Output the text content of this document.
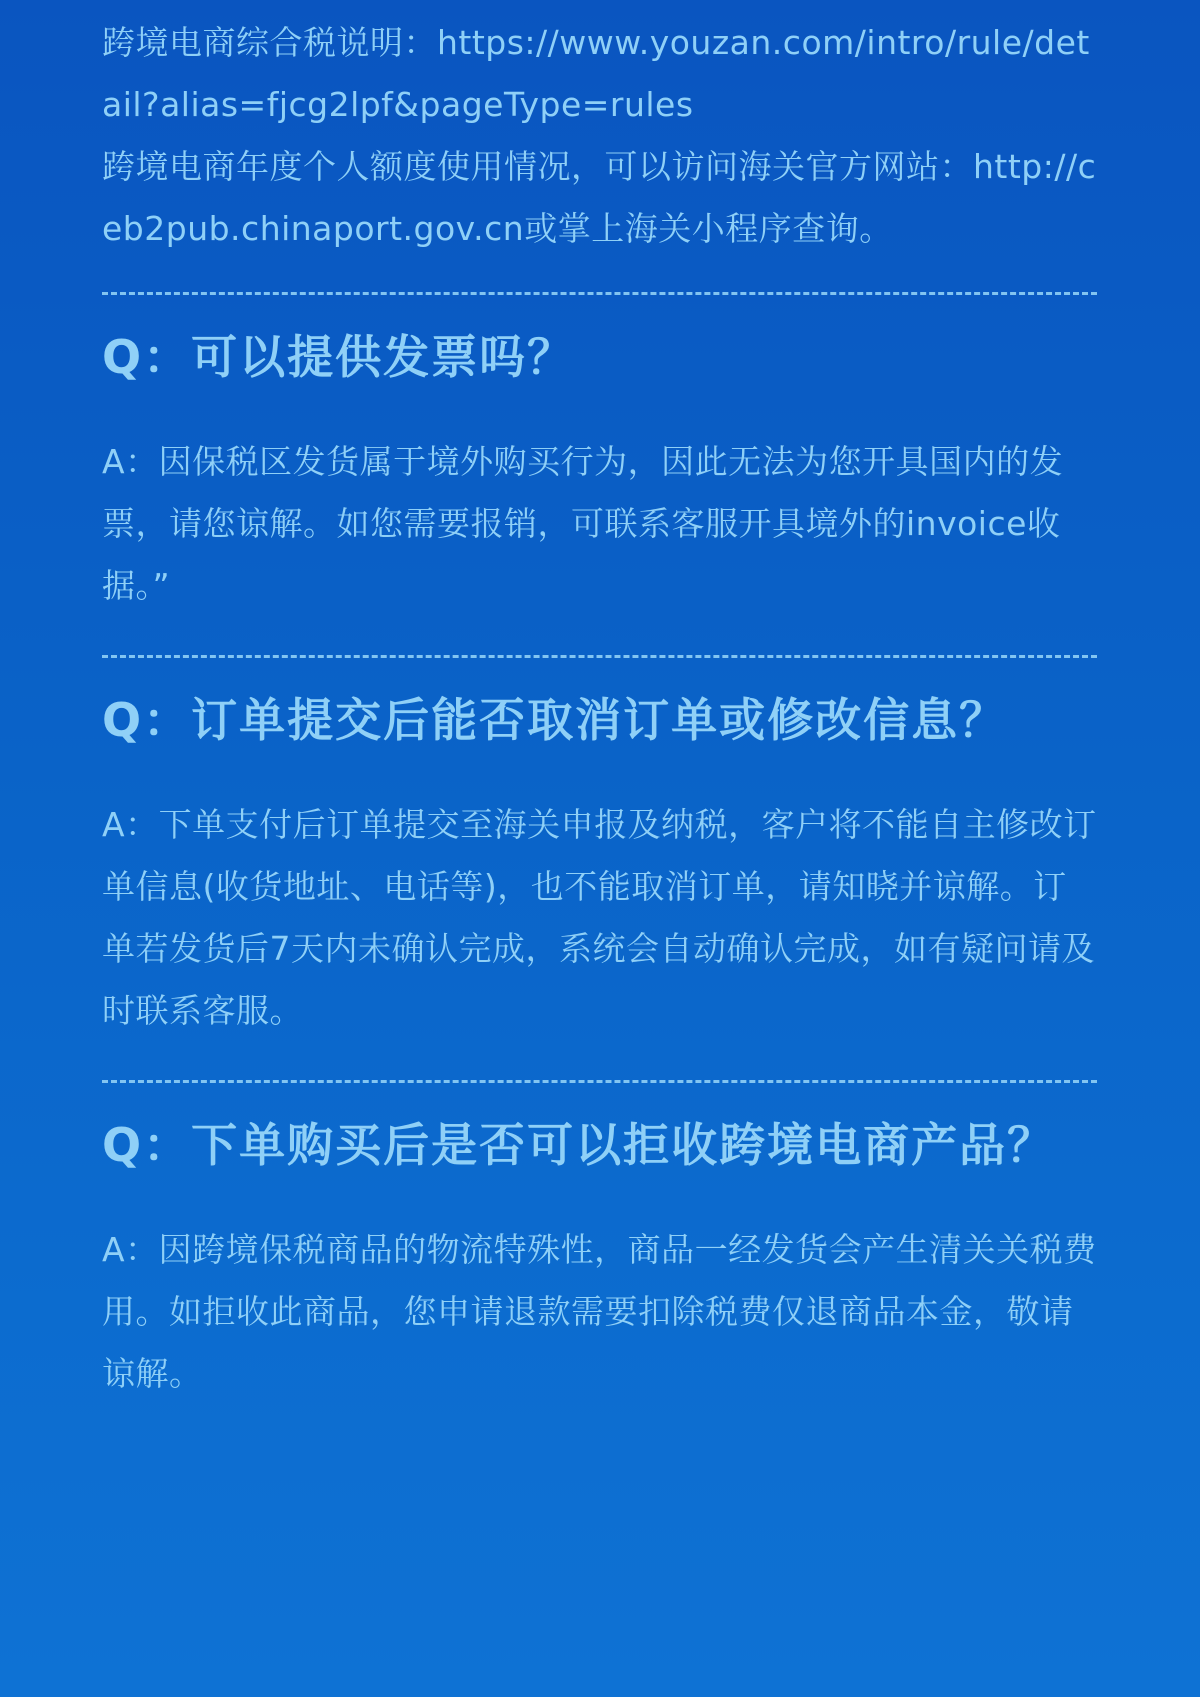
跨境电商综合税说明：https://www.youzan.com/intro/rule/detail?alias=fjcg2lpf&pageType=rules

跨境电商年度个人额度使用情况，可以访问海关官方网站：http://ceb2pub.chinaport.gov.cn或掌上海关小程序查询。

Q：可以提供发票吗？

A：因保税区发货属于境外购买行为，因此无法为您开具国内的发票，请您谅解。如您需要报销，可联系客服开具境外的invoice收据。”

Q：订单提交后能否取消订单或修改信息？

A：下单支付后订单提交至海关申报及纳税，客户将不能自主修改订单信息(收货地址、电话等)，也不能取消订单，请知晓并谅解。订单若发货后7天内未确认完成，系统会自动确认完成，如有疑问请及时联系客服。

Q：下单购买后是否可以拒收跨境电商产品？

A：因跨境保税商品的物流特殊性，商品一经发货会产生清关关税费用。如拒收此商品，您申请退款需要扣除税费仅退商品本金，敬请谅解。
